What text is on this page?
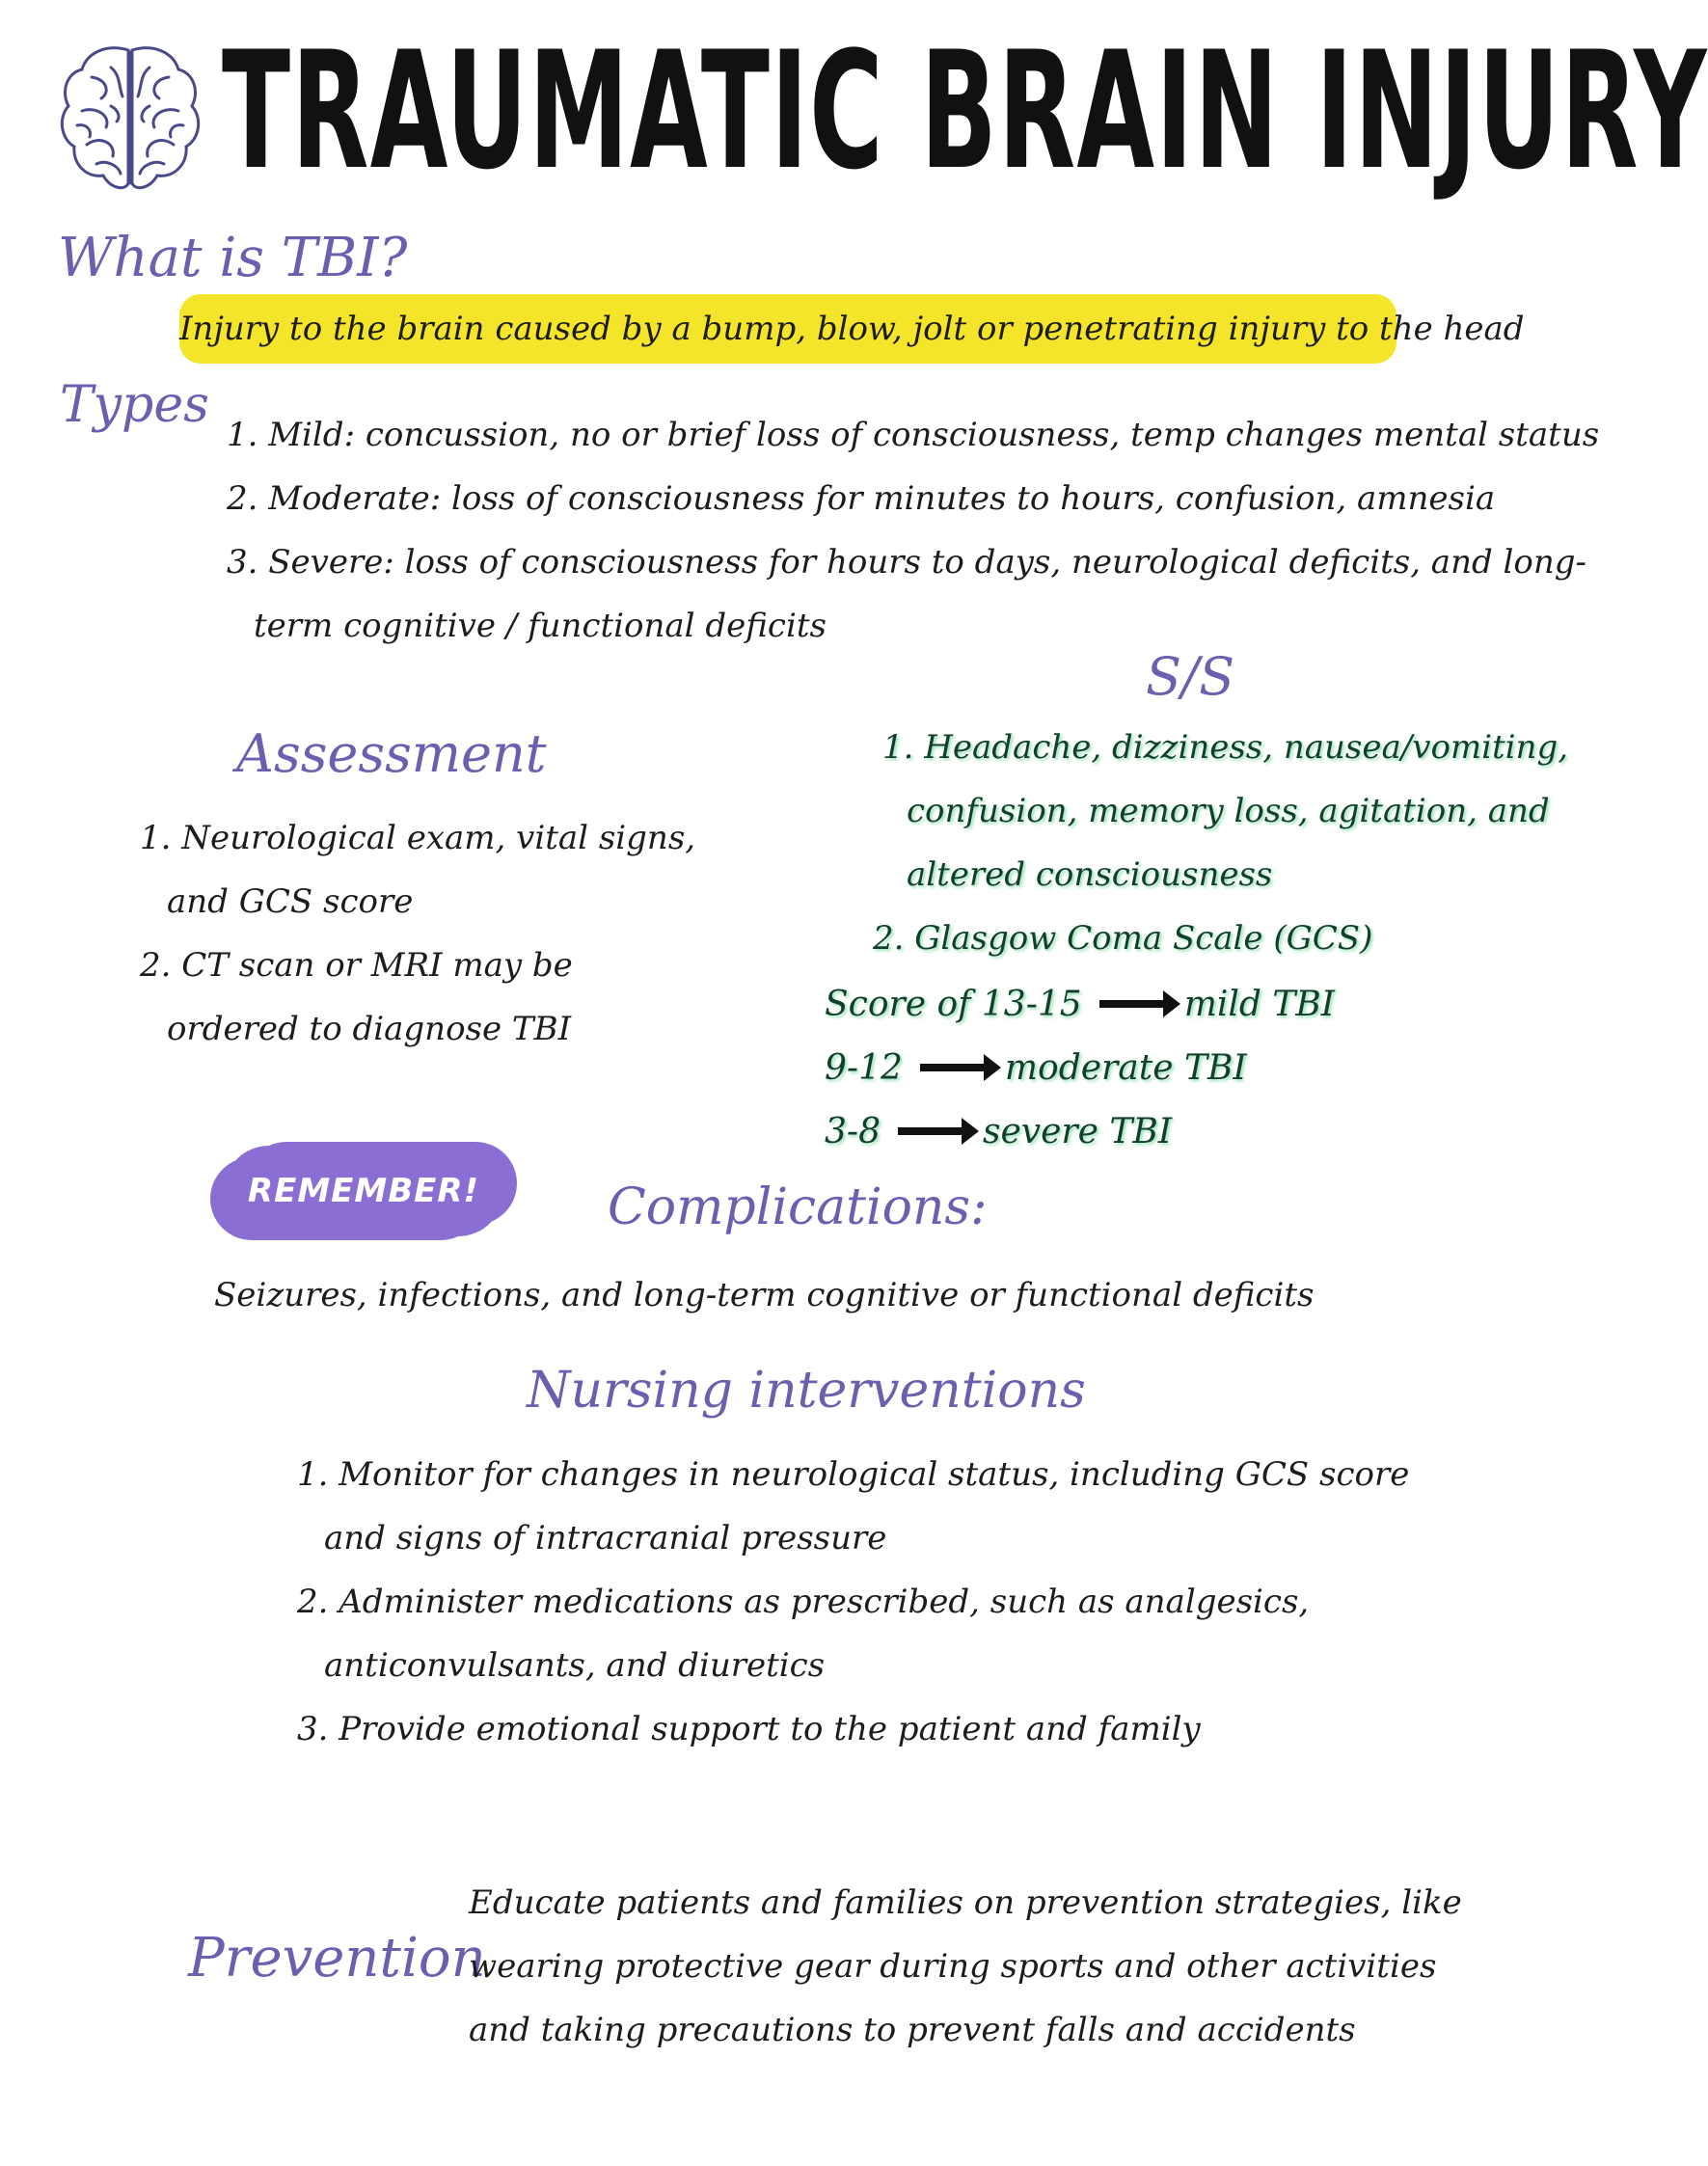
TRAUMATIC BRAIN INJURY
What is TBI?
Injury to the brain caused by a bump, blow, jolt or penetrating injury to the head
Types
1. Mild: concussion, no or brief loss of consciousness, temp changes mental status
2. Moderate: loss of consciousness for minutes to hours, confusion, amnesia
3. Severe: loss of consciousness for hours to days, neurological deficits, and long-
term cognitive / functional deficits
S/S
1. Headache, dizziness, nausea/vomiting,
confusion, memory loss, agitation, and
altered consciousness
2. Glasgow Coma Scale (GCS)
Score of 13-15	mild TBI
9-12	moderate TBI
3-8	severe TBI
Assessment
1. Neurological exam, vital signs,
and GCS score
2. CT scan or MRI may be
ordered to diagnose TBI
REMEMBER!	Complications:
Seizures, infections, and long-term cognitive or functional deficits
Nursing interventions
1. Monitor for changes in neurological status, including GCS score
and signs of intracranial pressure
2. Administer medications as prescribed, such as analgesics,
anticonvulsants, and diuretics
3. Provide emotional support to the patient and family
Prevention
Educate patients and families on prevention strategies, like
wearing protective gear during sports and other activities
and taking precautions to prevent falls and accidents
